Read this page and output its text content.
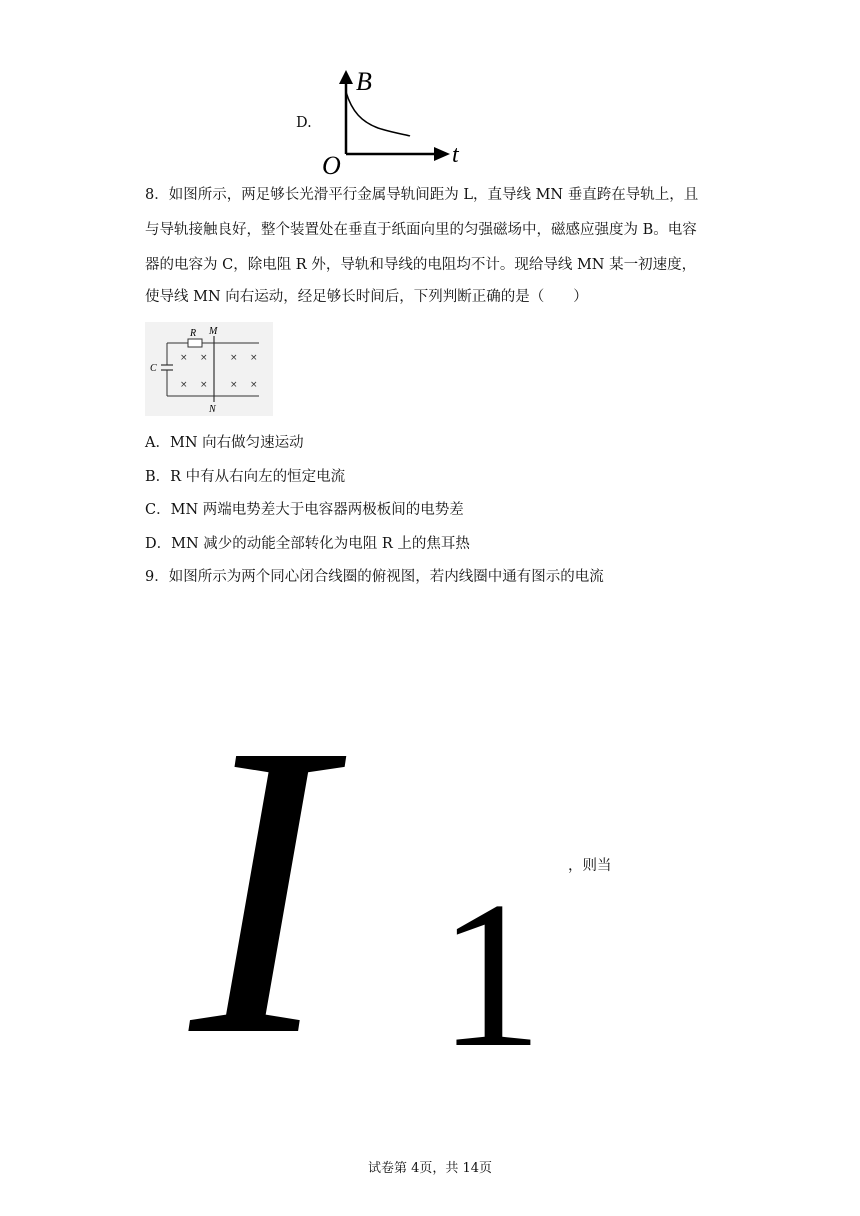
D.
B
t
O
8．如图所示，两足够长光滑平行金属导轨间距为 L，直导线 MN 垂直跨在导轨上，且
与导轨接触良好，整个装置处在垂直于纸面向里的匀强磁场中，磁感应强度为 B。电容
器的电容为 C，除电阻 R 外，导轨和导线的电阻均不计。现给导线 MN 某一初速度，
使导线 MN 向右运动，经足够长时间后，下列判断正确的是（　　）
R M
N
C
× × × ×
× × × ×
A．MN 向右做匀速运动
B．R 中有从右向左的恒定电流
C．MN 两端电势差大于电容器两极板间的电势差
D．MN 减少的动能全部转化为电阻 R 上的焦耳热
9．如图所示为两个同心闭合线圈的俯视图，若内线圈中通有图示的电流
I 1 ，则当
试卷第 4页，共 14页
